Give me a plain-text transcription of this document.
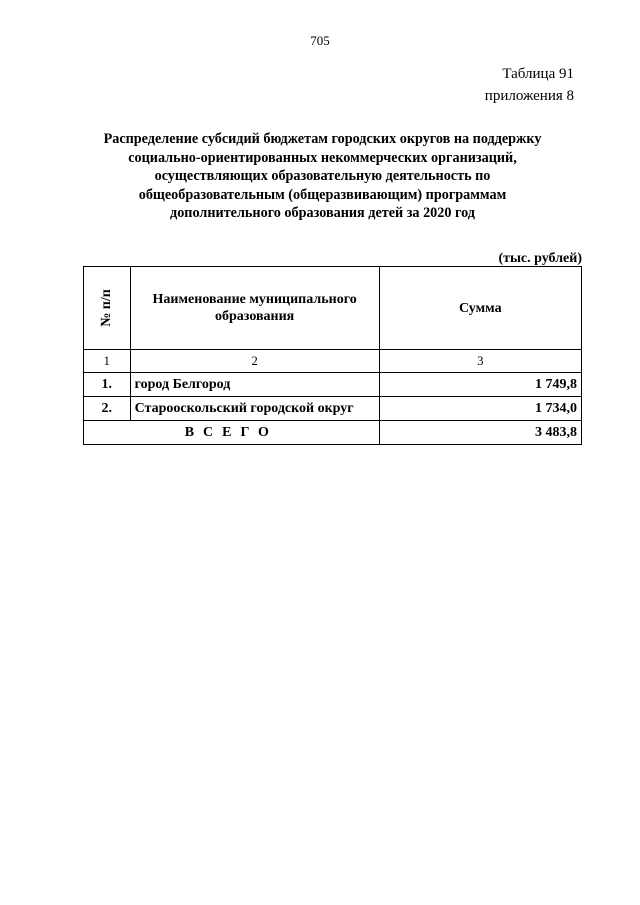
705
Таблица 91
приложения 8
Распределение субсидий бюджетам городских округов на поддержку
социально-ориентированных некоммерческих организаций,
осуществляющих образовательную деятельность по
общеобразовательным (общеразвивающим) программам
дополнительного образования детей за 2020 год
(тыс. рублей)
№ п/п	Наименование муниципального образования	Сумма
1	2	3
1.	город Белгород	1 749,8
2.	Старооскольский городской округ	1 734,0
ВСЕГО		3 483,8
